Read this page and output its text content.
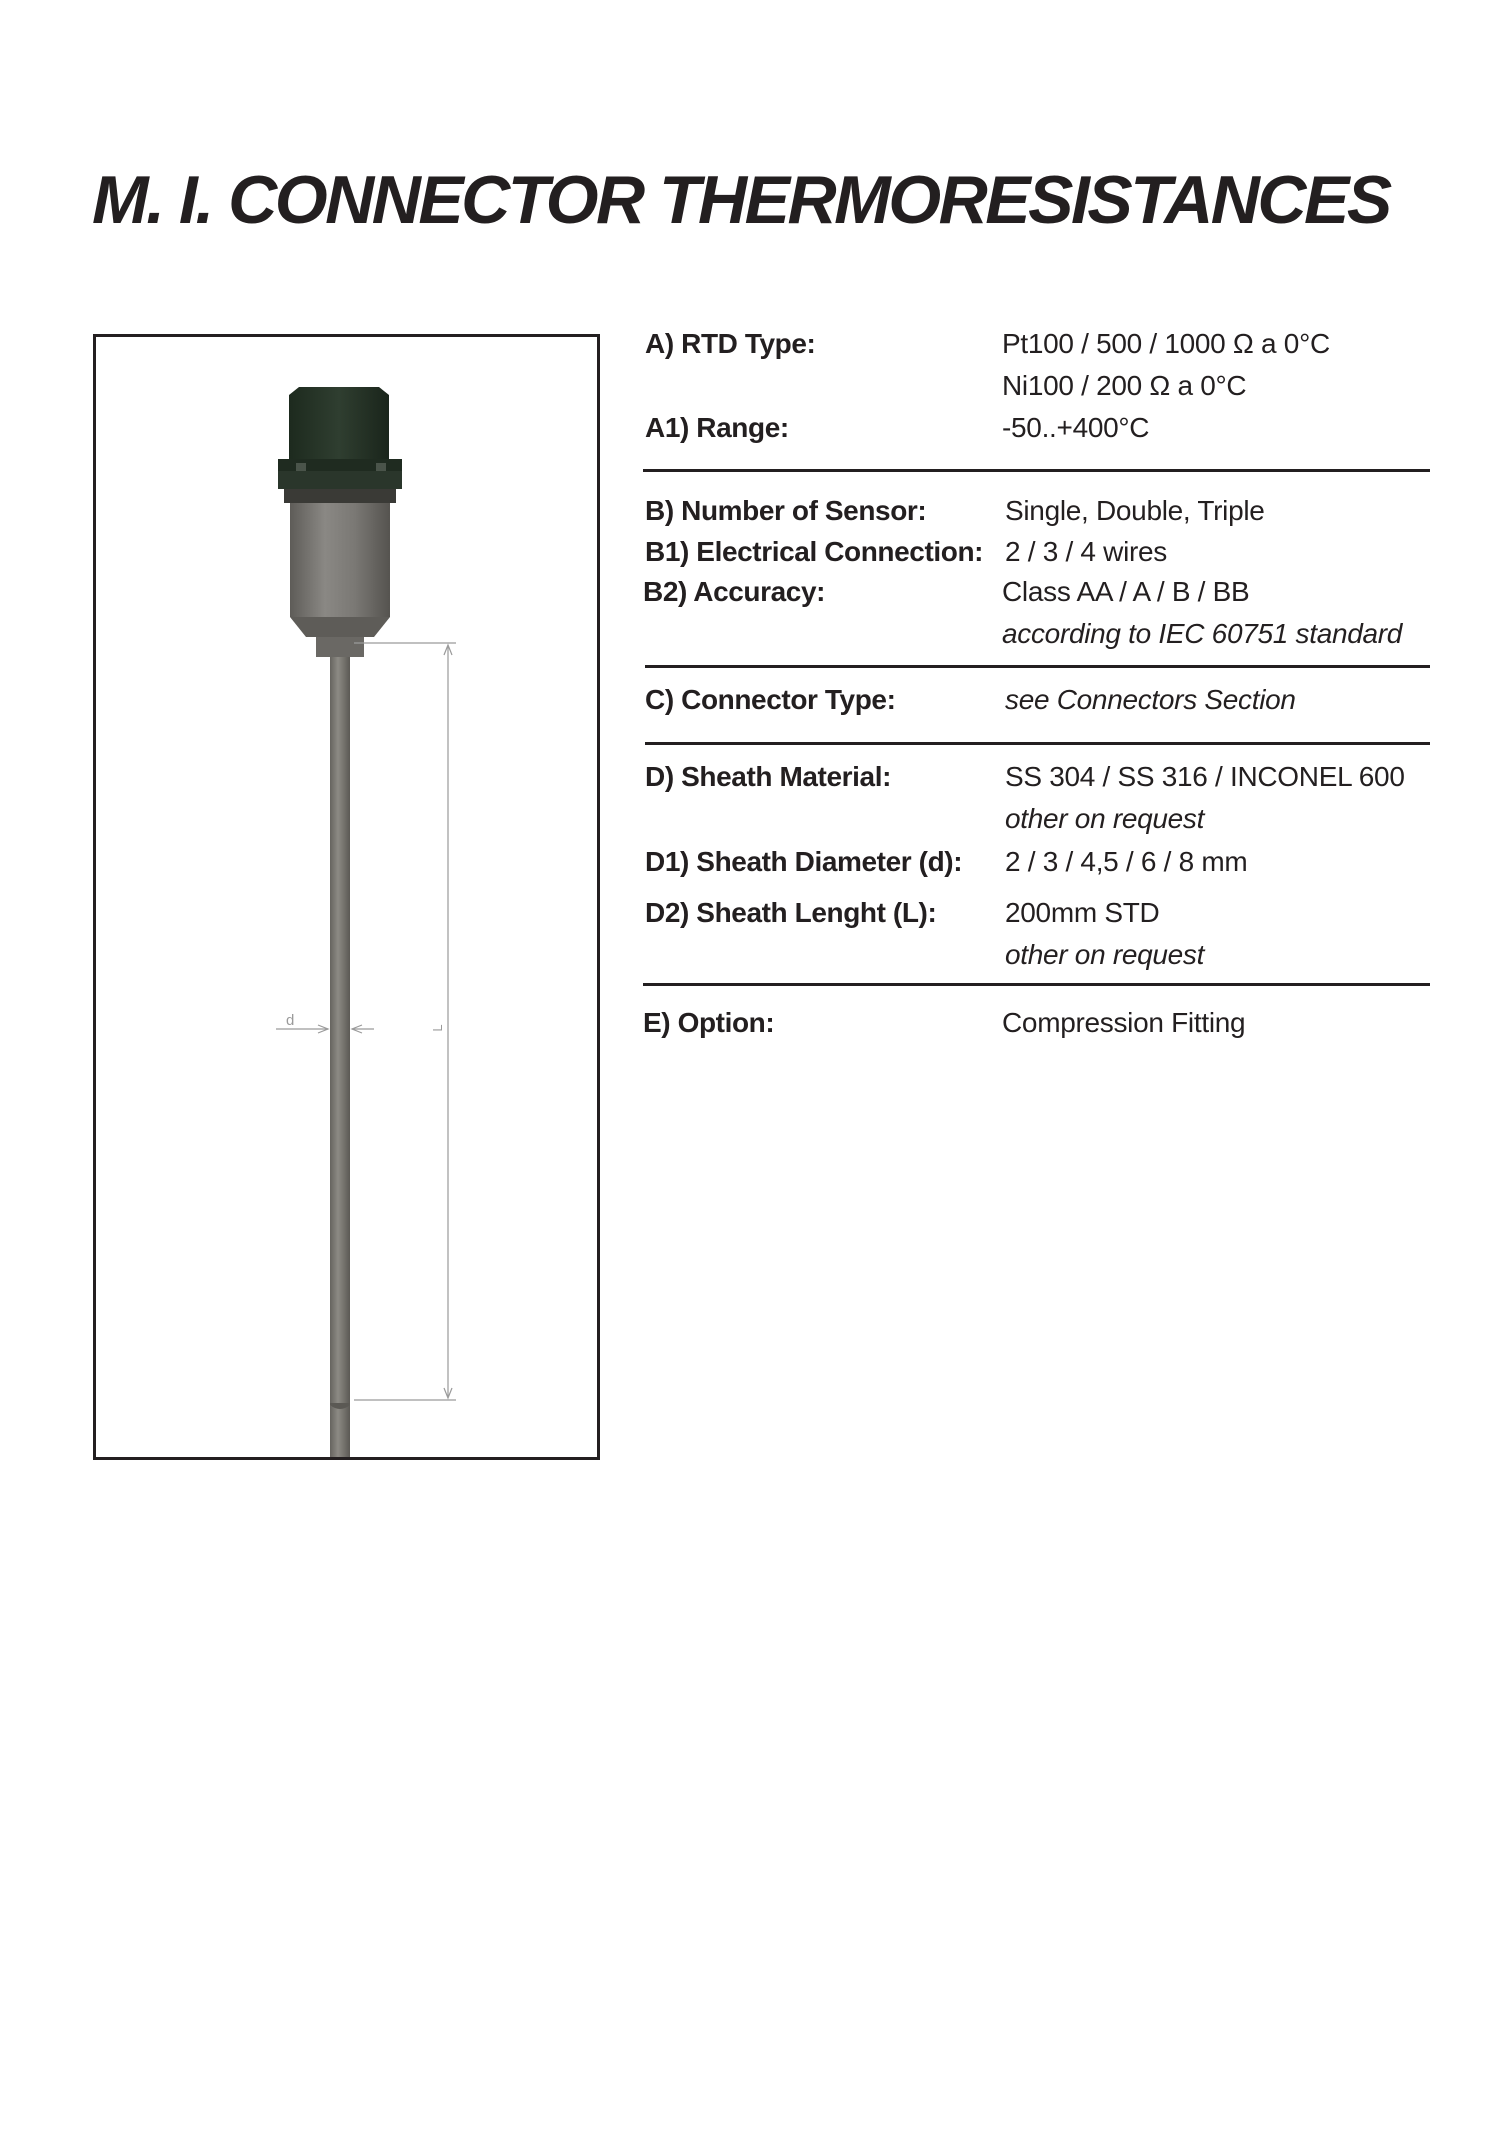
M. I. CONNECTOR THERMORESISTANCES
L
d
A) RTD Type:	Pt100 / 500 / 1000 Ω a 0°C
Ni100 / 200 Ω a 0°C
A1) Range:	-50..+400°C
B) Number of Sensor:	Single, Double, Triple
B1) Electrical Connection: 2 / 3 / 4 wires
B2) Accuracy:	Class AA / A / B / BB
according to IEC 60751 standard
C) Connector Type:	see Connectors Section
D) Sheath Material:	SS 304 / SS 316 / INCONEL 600
other on request
D1) Sheath Diameter (d): 2 / 3 / 4,5 / 6 / 8 mm
D2) Sheath Lenght (L): 200mm STD
other on request
E) Option:	Compression Fitting
